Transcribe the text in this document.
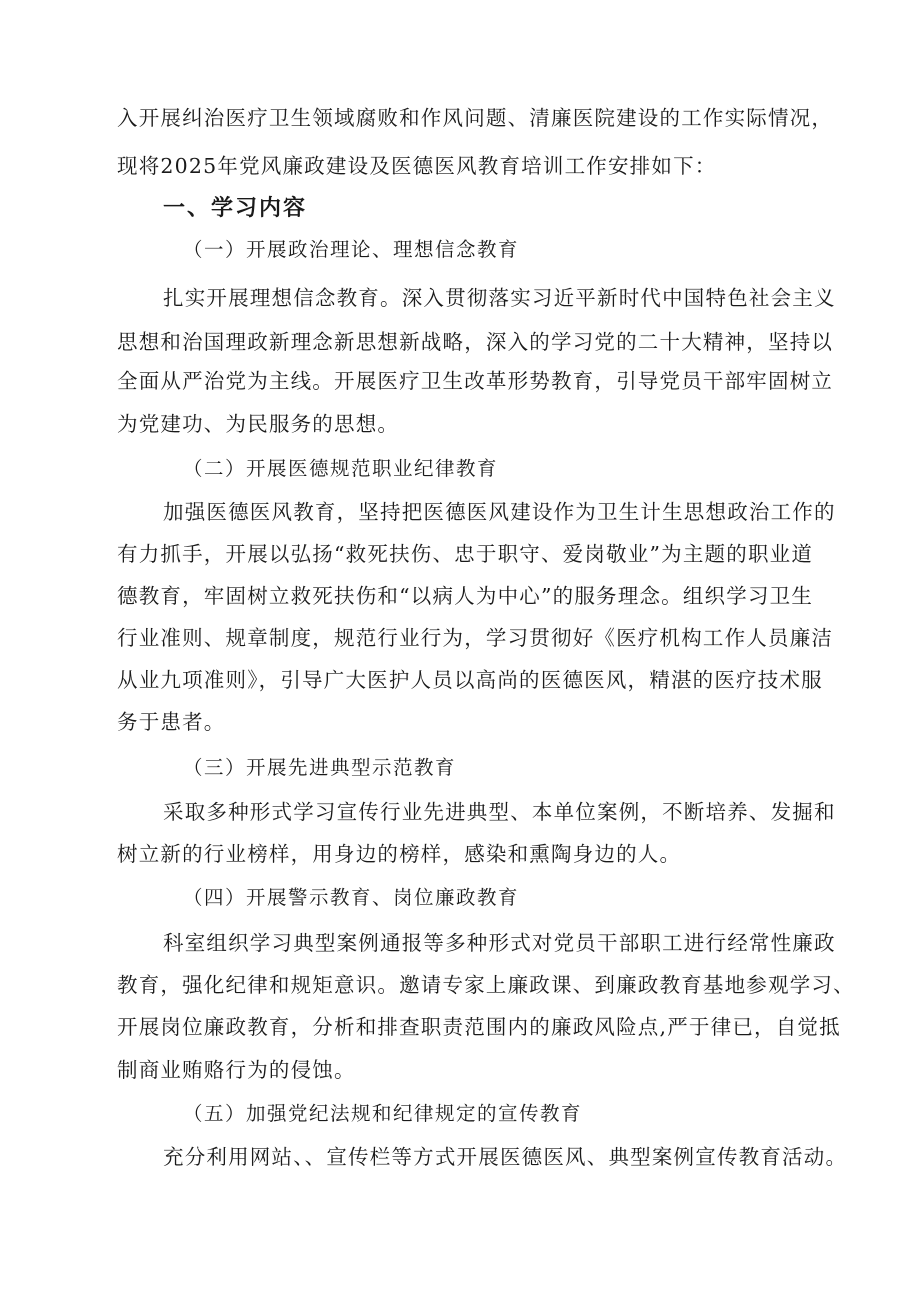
入开展纠治医疗卫生领域腐败和作风问题、清廉医院建设的工作实际情况，
现将2025年党风廉政建设及医德医风教育培训工作安排如下：
一、学习内容
（一）开展政治理论、理想信念教育
扎实开展理想信念教育。深入贯彻落实习近平新时代中国特色社会主义
思想和治国理政新理念新思想新战略，深入的学习党的二十大精神，坚持以
全面从严治党为主线。开展医疗卫生改革形势教育，引导党员干部牢固树立
为党建功、为民服务的思想。
（二）开展医德规范职业纪律教育
加强医德医风教育，坚持把医德医风建设作为卫生计生思想政治工作的
有力抓手，开展以弘扬“救死扶伤、忠于职守、爱岗敬业”为主题的职业道
德教育，牢固树立救死扶伤和“以病人为中心”的服务理念。组织学习卫生
行业准则、规章制度，规范行业行为，学习贯彻好《医疗机构工作人员廉洁
从业九项准则》，引导广大医护人员以高尚的医德医风，精湛的医疗技术服
务于患者。
（三）开展先进典型示范教育
采取多种形式学习宣传行业先进典型、本单位案例，不断培养、发掘和
树立新的行业榜样，用身边的榜样，感染和熏陶身边的人。
（四）开展警示教育、岗位廉政教育
科室组织学习典型案例通报等多种形式对党员干部职工进行经常性廉政
教育，强化纪律和规矩意识。邀请专家上廉政课、到廉政教育基地参观学习、
开展岗位廉政教育，分析和排查职责范围内的廉政风险点,严于律已，自觉抵
制商业贿赂行为的侵蚀。
（五）加强党纪法规和纪律规定的宣传教育
充分利用网站、、宣传栏等方式开展医德医风、典型案例宣传教育活动。
